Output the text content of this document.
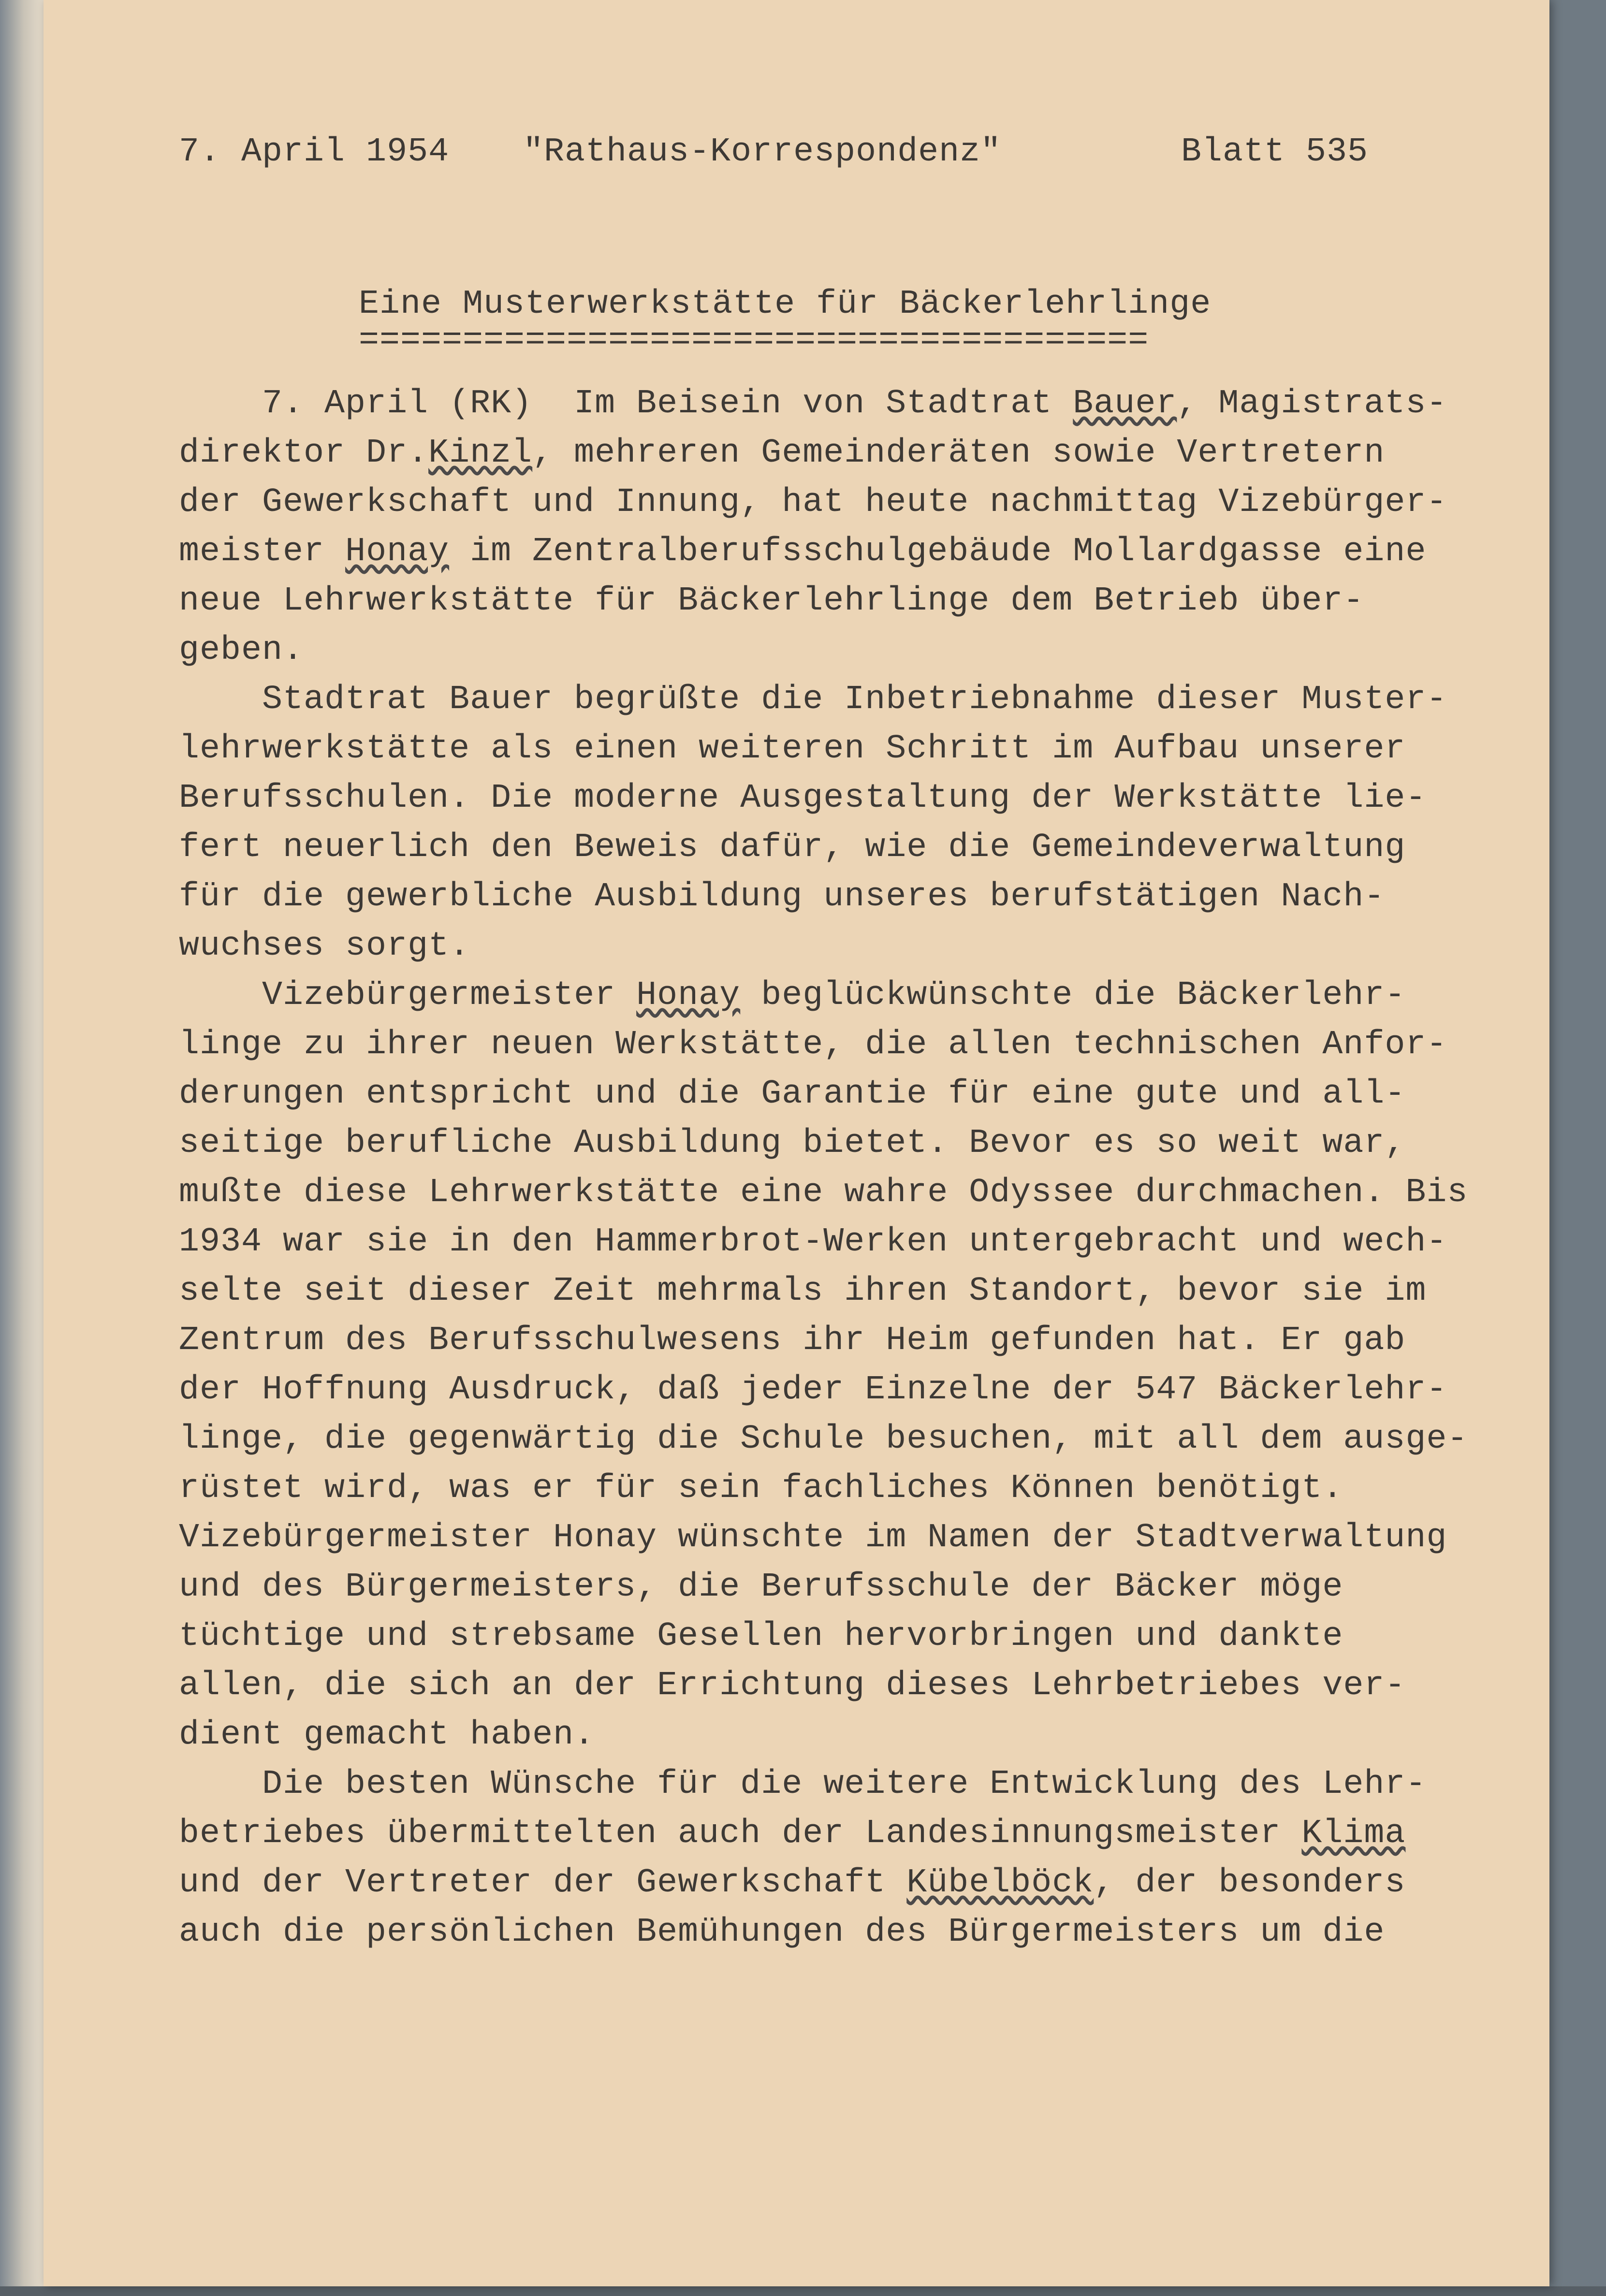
7. April 1954

"Rathaus-Korrespondenz"

	Blatt 535

Eine Musterwerkstätte für Bäckerlehrlinge
======================================
7. April (RK)  Im Beisein von Stadtrat Bauer, Magistrats-
direktor Dr.Kinzl, mehreren Gemeinderäten sowie Vertretern
der Gewerkschaft und Innung, hat heute nachmittag Vizebürger-
meister Honay im Zentralberufsschulgebäude Mollardgasse eine
neue Lehrwerkstätte für Bäckerlehrlinge dem Betrieb über-
geben.
Stadtrat Bauer begrüßte die Inbetriebnahme dieser Muster-
lehrwerkstätte als einen weiteren Schritt im Aufbau unserer
Berufsschulen. Die moderne Ausgestaltung der Werkstätte lie-
fert neuerlich den Beweis dafür, wie die Gemeindeverwaltung
für die gewerbliche Ausbildung unseres berufstätigen Nach-
wuchses sorgt.
Vizebürgermeister Honay beglückwünschte die Bäckerlehr-
linge zu ihrer neuen Werkstätte, die allen technischen Anfor-
derungen entspricht und die Garantie für eine gute und all-
seitige berufliche Ausbildung bietet. Bevor es so weit war,
mußte diese Lehrwerkstätte eine wahre Odyssee durchmachen. Bis
1934 war sie in den Hammerbrot-Werken untergebracht und wech-
selte seit dieser Zeit mehrmals ihren Standort, bevor sie im
Zentrum des Berufsschulwesens ihr Heim gefunden hat. Er gab
der Hoffnung Ausdruck, daß jeder Einzelne der 547 Bäckerlehr-
linge, die gegenwärtig die Schule besuchen, mit all dem ausge-
rüstet wird, was er für sein fachliches Können benötigt.
Vizebürgermeister Honay wünschte im Namen der Stadtverwaltung
und des Bürgermeisters, die Berufsschule der Bäcker möge
tüchtige und strebsame Gesellen hervorbringen und dankte
allen, die sich an der Errichtung dieses Lehrbetriebes ver-
dient gemacht haben.
Die besten Wünsche für die weitere Entwicklung des Lehr-
betriebes übermittelten auch der Landesinnungsmeister Klima
und der Vertreter der Gewerkschaft Kübelböck, der besonders
auch die persönlichen Bemühungen des Bürgermeisters um die
